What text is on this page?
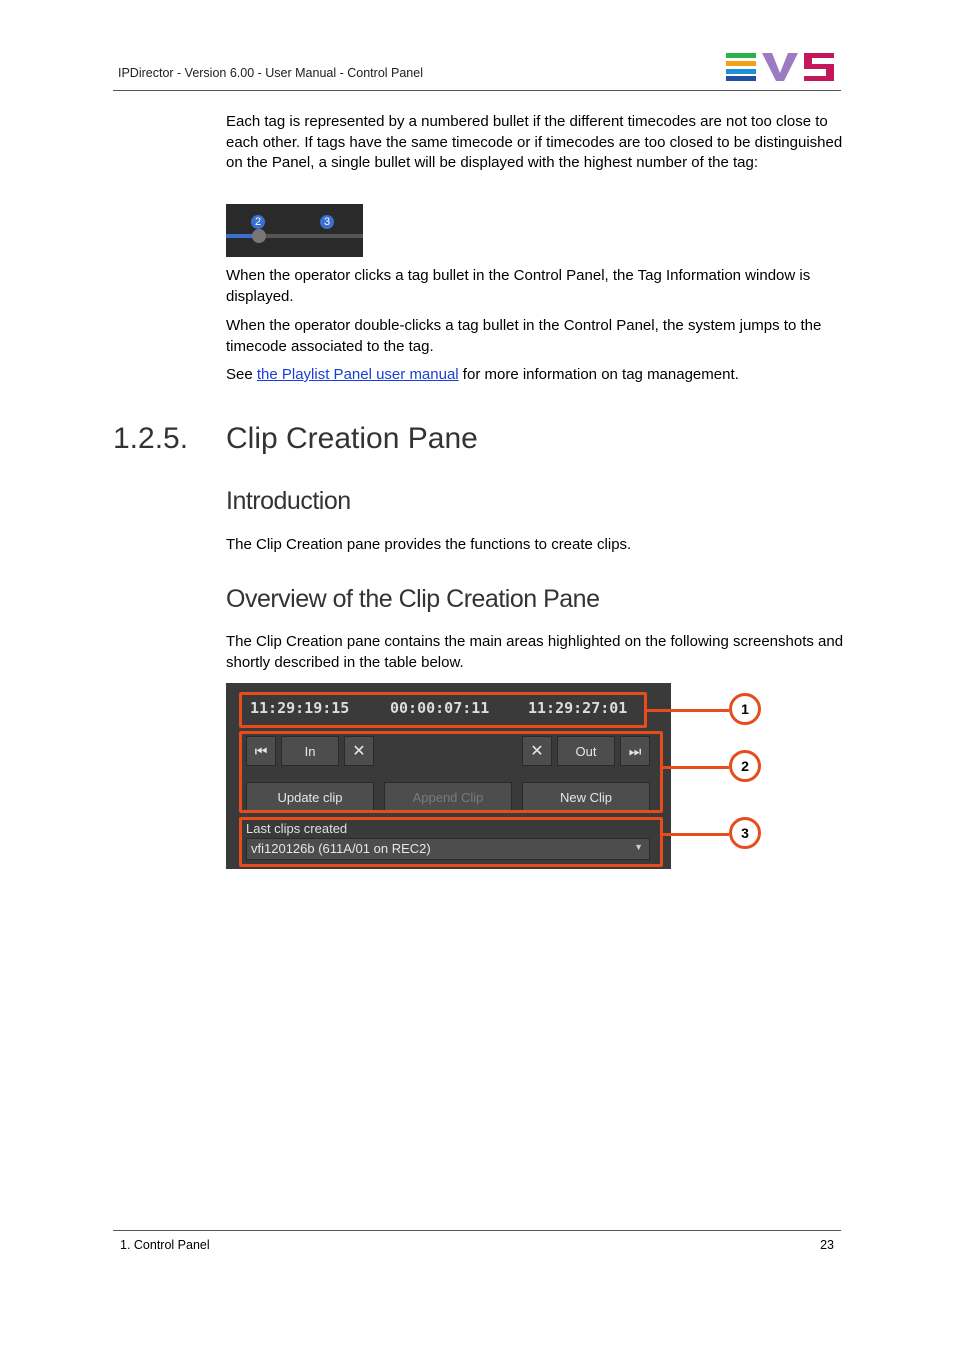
IPDirector - Version 6.00 - User Manual - Control Panel

Each tag is represented by a numbered bullet if the different timecodes are not too close to each other. If tags have the same timecode or if timecodes are too closed to be distinguished on the Panel, a single bullet will be displayed with the highest number of the tag:

2	3

When the operator clicks a tag bullet in the Control Panel, the Tag Information window is displayed.

When the operator double-clicks a tag bullet in the Control Panel, the system jumps to the timecode associated to the tag.

See the Playlist Panel user manual for more information on tag management.

1.2.5. Clip Creation Pane
Introduction

The Clip Creation pane provides the functions to create clips.

Overview of the Clip Creation Pane

The Clip Creation pane contains the main areas highlighted on the following screenshots and shortly described in the table below.

11:29:19:15	00:00:07:11	11:29:27:01
⏮	In	✕	✕	Out	⏭
Update clip	Append Clip	New Clip
Last clips created
vfi120126b (611A/01 on REC2)	▼
1
2
3
1. Control Panel	23
